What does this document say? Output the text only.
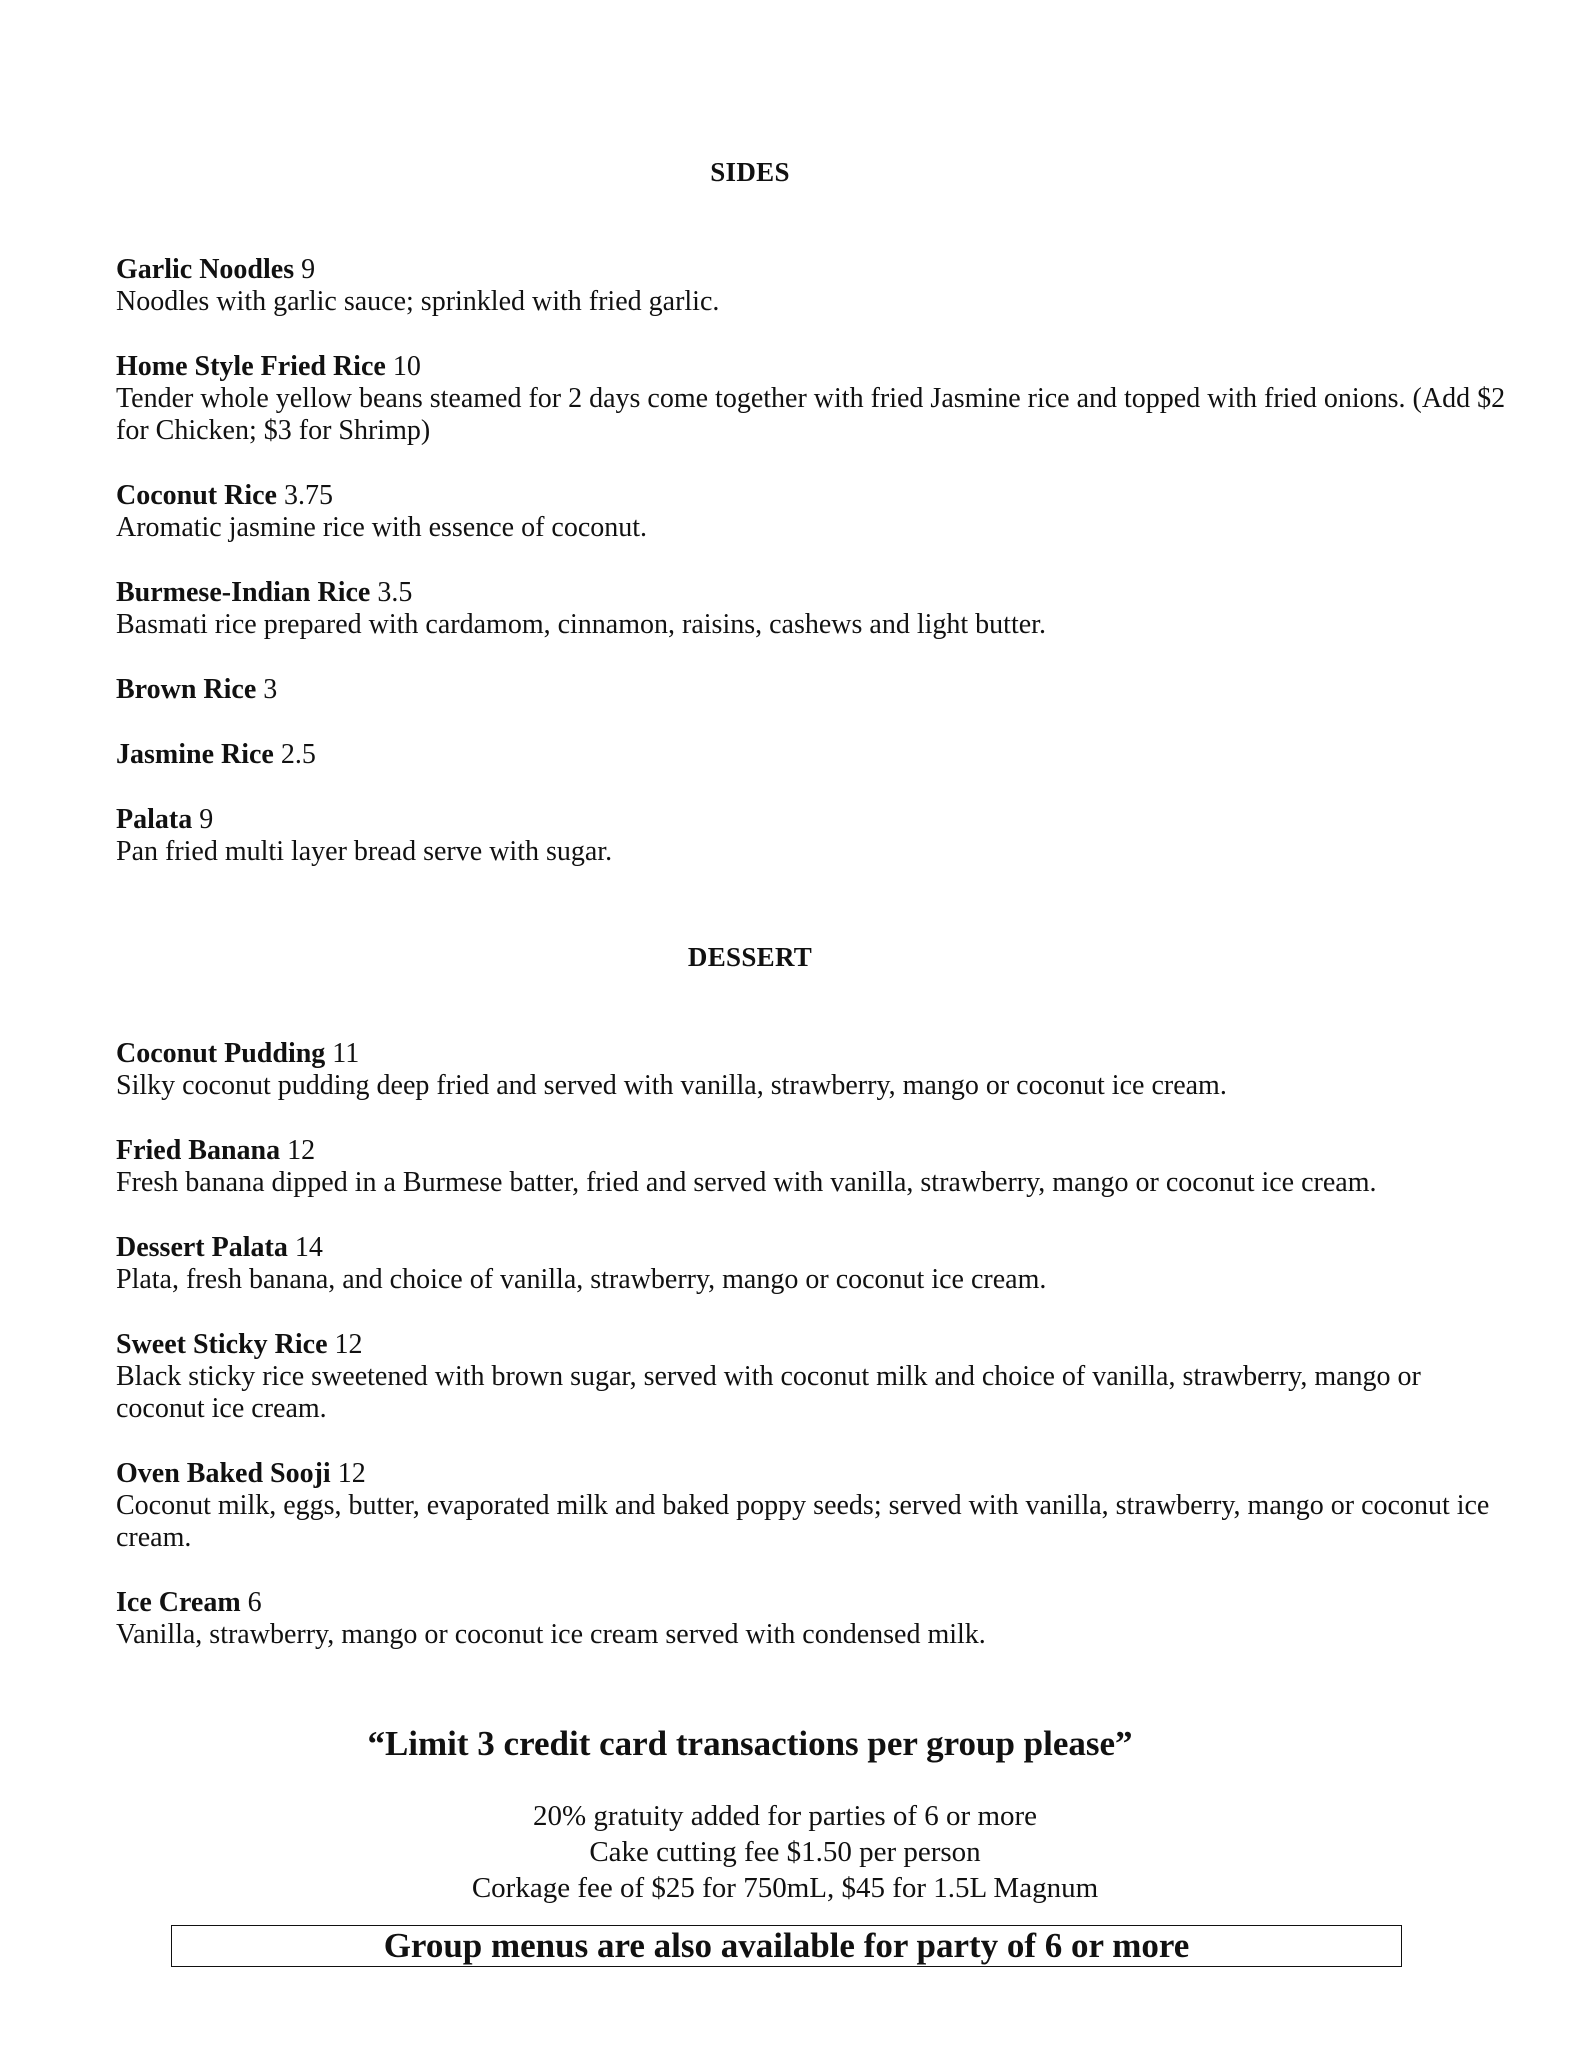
SIDES
Garlic Noodles 9
Noodles with garlic sauce; sprinkled with fried garlic.
Home Style Fried Rice 10
Tender whole yellow beans steamed for 2 days come together with fried Jasmine rice and topped with fried onions. (Add $2 for Chicken; $3 for Shrimp)
Coconut Rice 3.75
Aromatic jasmine rice with essence of coconut.
Burmese-Indian Rice 3.5
Basmati rice prepared with cardamom, cinnamon, raisins, cashews and light butter.
Brown Rice 3
Jasmine Rice 2.5
Palata 9
Pan fried multi layer bread serve with sugar.
DESSERT
Coconut Pudding 11
Silky coconut pudding deep fried and served with vanilla, strawberry, mango or coconut ice cream.
Fried Banana 12
Fresh banana dipped in a Burmese batter, fried and served with vanilla, strawberry, mango or coconut ice cream.
Dessert Palata 14
Plata, fresh banana, and choice of vanilla, strawberry, mango or coconut ice cream.
Sweet Sticky Rice 12
Black sticky rice sweetened with brown sugar, served with coconut milk and choice of vanilla, strawberry, mango or coconut ice cream.
Oven Baked Sooji 12
Coconut milk, eggs, butter, evaporated milk and baked poppy seeds; served with vanilla, strawberry, mango or coconut ice cream.
Ice Cream 6
Vanilla, strawberry, mango or coconut ice cream served with condensed milk.
“Limit 3 credit card transactions per group please”
20% gratuity added for parties of 6 or more
Cake cutting fee $1.50 per person
Corkage fee of $25 for 750mL, $45 for 1.5L Magnum
Group menus are also available for party of 6 or more
